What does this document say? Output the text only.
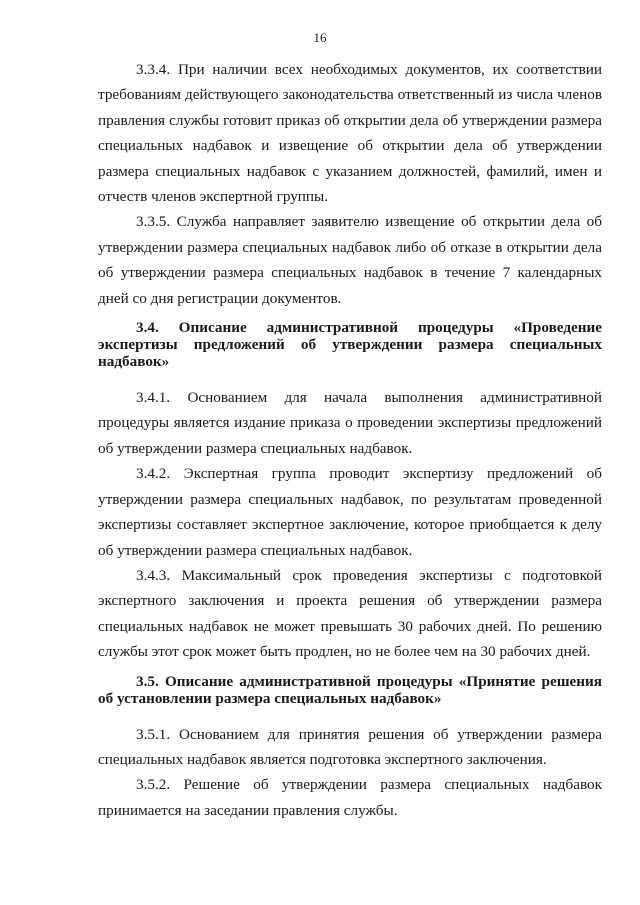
16

3.3.4. При наличии всех необходимых документов, их соответствии требованиям действующего законодательства ответственный из числа членов правления службы готовит приказ об открытии дела об утверждении размера специальных надбавок и извещение об открытии дела об утверждении размера специальных надбавок с указанием должностей, фамилий, имен и отчеств членов экспертной группы.

3.3.5. Служба направляет заявителю извещение об открытии дела об утверждении размера специальных надбавок либо об отказе в открытии дела об утверждении размера специальных надбавок в течение 7 календарных дней со дня регистрации документов.

3.4. Описание административной процедуры «Проведение экспертизы предложений об утверждении размера специальных надбавок»

3.4.1. Основанием для начала выполнения административной процедуры является издание приказа о проведении экспертизы предложений об утверждении размера специальных надбавок.

3.4.2. Экспертная группа проводит экспертизу предложений об утверждении размера специальных надбавок, по результатам проведенной экспертизы составляет экспертное заключение, которое приобщается к делу об утверждении размера специальных надбавок.

3.4.3. Максимальный срок проведения экспертизы с подготовкой экспертного заключения и проекта решения об утверждении размера специальных надбавок не может превышать 30 рабочих дней. По решению службы этот срок может быть продлен, но не более чем на 30 рабочих дней.

3.5. Описание административной процедуры «Принятие решения об установлении размера специальных надбавок»

3.5.1. Основанием для принятия решения об утверждении размера специальных надбавок является подготовка экспертного заключения.

3.5.2. Решение об утверждении размера специальных надбавок принимается на заседании правления службы.
